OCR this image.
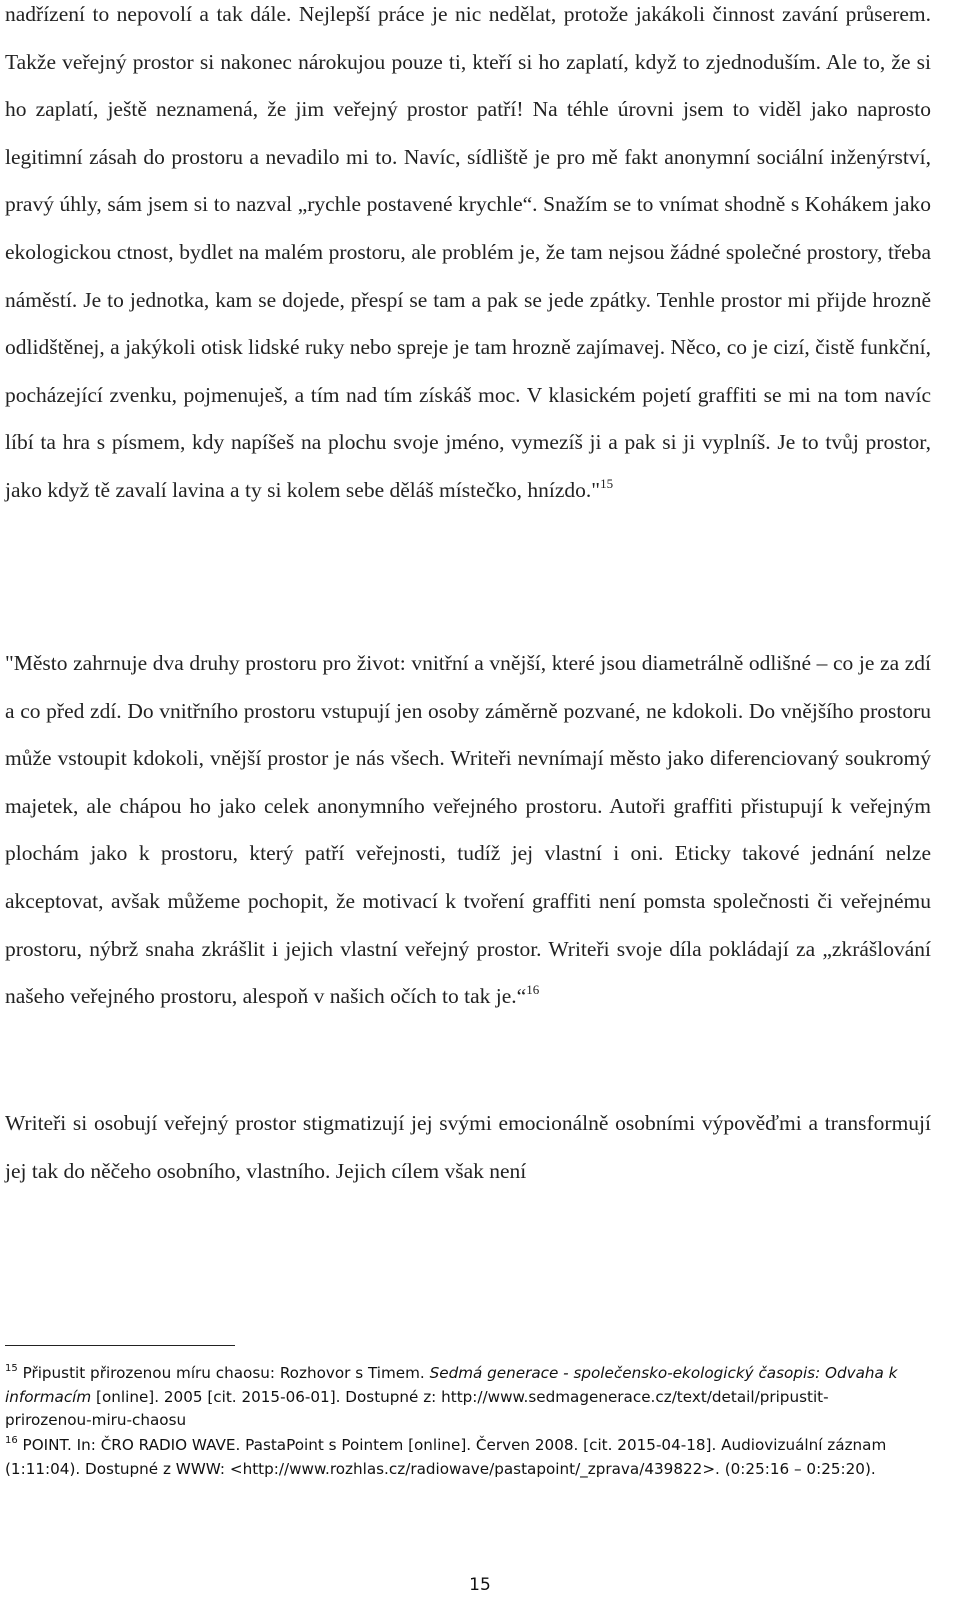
nadřízení to nepovolí a tak dále. Nejlepší práce je nic nedělat, protože jakákoli činnost zavání průserem. Takže veřejný prostor si nakonec nárokujou pouze ti, kteří si ho zaplatí, když to zjednoduším. Ale to, že si ho zaplatí, ještě neznamená, že jim veřejný prostor patří! Na téhle úrovni jsem to viděl jako naprosto legitimní zásah do prostoru a nevadilo mi to. Navíc, sídliště je pro mě fakt anonymní sociální inženýrství, pravý úhly, sám jsem si to nazval „rychle postavené krychle“. Snažím se to vnímat shodně s Kohákem jako ekologickou ctnost, bydlet na malém prostoru, ale problém je, že tam nejsou žádné společné prostory, třeba náměstí. Je to jednotka, kam se dojede, přespí se tam a pak se jede zpátky. Tenhle prostor mi přijde hrozně odlidštěnej, a jakýkoli otisk lidské ruky nebo spreje je tam hrozně zajímavej. Něco, co je cizí, čistě funkční, pocházející zvenku, pojmenuješ, a tím nad tím získáš moc. V klasickém pojetí graffiti se mi na tom navíc líbí ta hra s písmem, kdy napíšeš na plochu svoje jméno, vymezíš ji a pak si ji vyplníš. Je to tvůj prostor, jako když tě zavalí lavina a ty si kolem sebe děláš místečko, hnízdo."$^{15}$

"Město zahrnuje dva druhy prostoru pro život: vnitřní a vnější, které jsou diametrálně odlišné – co je za zdí a co před zdí. Do vnitřního prostoru vstupují jen osoby záměrně pozvané, ne kdokoli. Do vnějšího prostoru může vstoupit kdokoli, vnější prostor je nás všech. Writeři nevnímají město jako diferenciovaný soukromý majetek, ale chápou ho jako celek anonymního veřejného prostoru. Autoři graffiti přistupují k veřejným plochám jako k prostoru, který patří veřejnosti, tudíž jej vlastní i oni. Eticky takové jednání nelze akceptovat, avšak můžeme pochopit, že motivací k tvoření graffiti není pomsta společnosti či veřejnému prostoru, nýbrž snaha zkrášlit i jejich vlastní veřejný prostor. Writeři svoje díla pokládají za „zkrášlování našeho veřejného prostoru, alespoň v našich očích to tak je.“$^{16}$

Writeři si osobují veřejný prostor stigmatizují jej svými emocionálně osobními výpověďmi a transformují jej tak do něčeho osobního, vlastního. Jejich cílem však není

$^{15}$ Připustit přirozenou míru chaosu: Rozhovor s Timem. Sedmá generace - společensko-ekologický časopis: Odvaha k informacím [online]. 2005 [cit. 2015-06-01]. Dostupné z: http://www.sedmagenerace.cz/text/detail/pripustit-prirozenou-miru-chaosu

$^{16}$ POINT. In: ČRO RADIO WAVE. PastaPoint s Pointem [online]. Červen 2008. [cit. 2015-04-18]. Audiovizuální záznam (1:11:04). Dostupné z WWW: <http://www.rozhlas.cz/radiowave/pastapoint/_zprava/439822>. (0:25:16 – 0:25:20).

15
